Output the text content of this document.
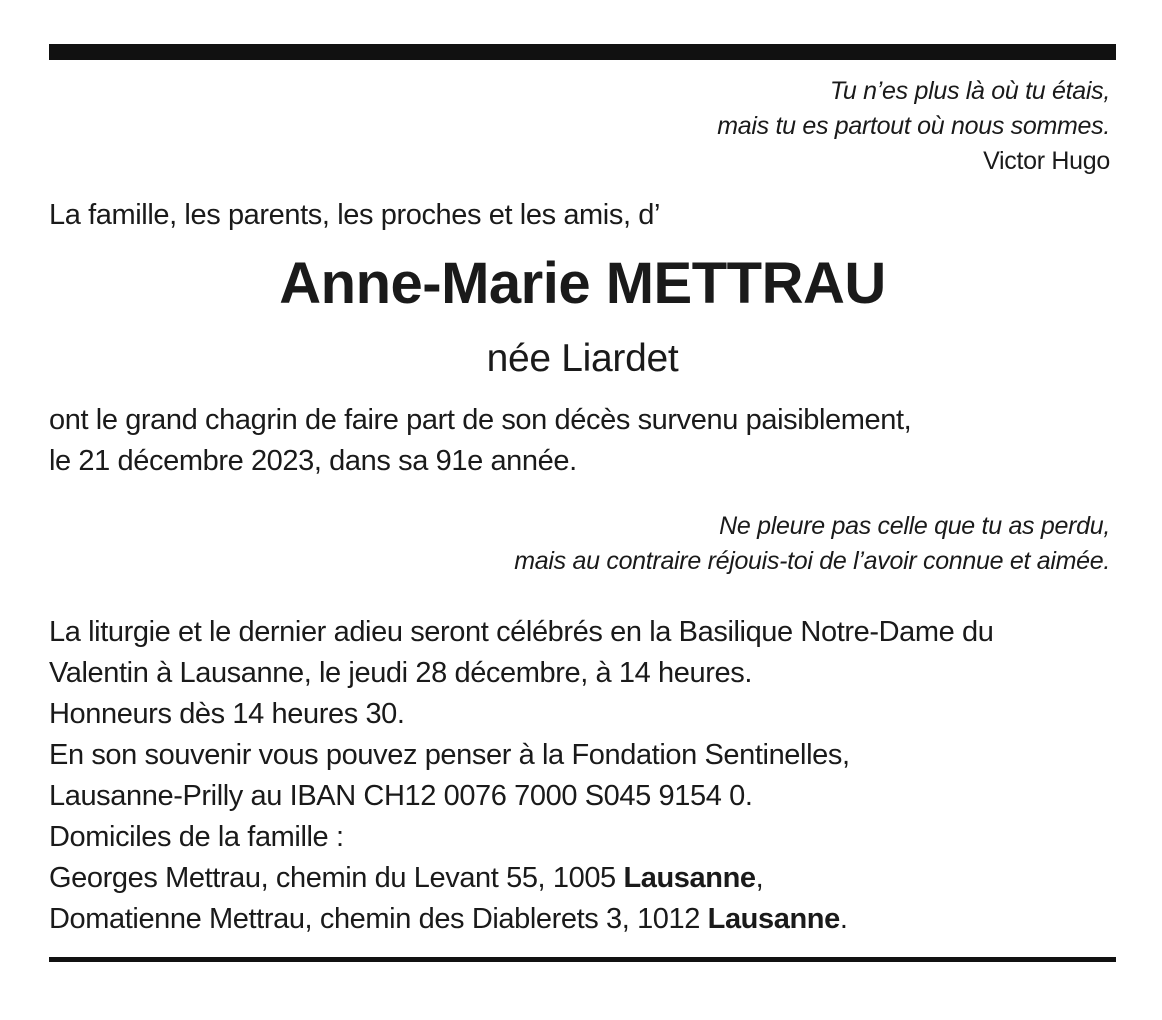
Tu n’es plus là où tu étais,
mais tu es partout où nous sommes.
Victor Hugo
La famille, les parents, les proches et les amis, d’
Anne-Marie METTRAU
née Liardet
ont le grand chagrin de faire part de son décès survenu paisiblement,
le 21 décembre 2023, dans sa 91e année.
Ne pleure pas celle que tu as perdu,
mais au contraire réjouis-toi de l’avoir connue et aimée.
La liturgie et le dernier adieu seront célébrés en la Basilique Notre-Dame du
Valentin à Lausanne, le jeudi 28 décembre, à 14 heures.
Honneurs dès 14 heures 30.
En son souvenir vous pouvez penser à la Fondation Sentinelles,
Lausanne-Prilly au IBAN CH12 0076 7000 S045 9154 0.
Domiciles de la famille :
Georges Mettrau, chemin du Levant 55, 1005 Lausanne,
Domatienne Mettrau, chemin des Diablerets 3, 1012 Lausanne.
